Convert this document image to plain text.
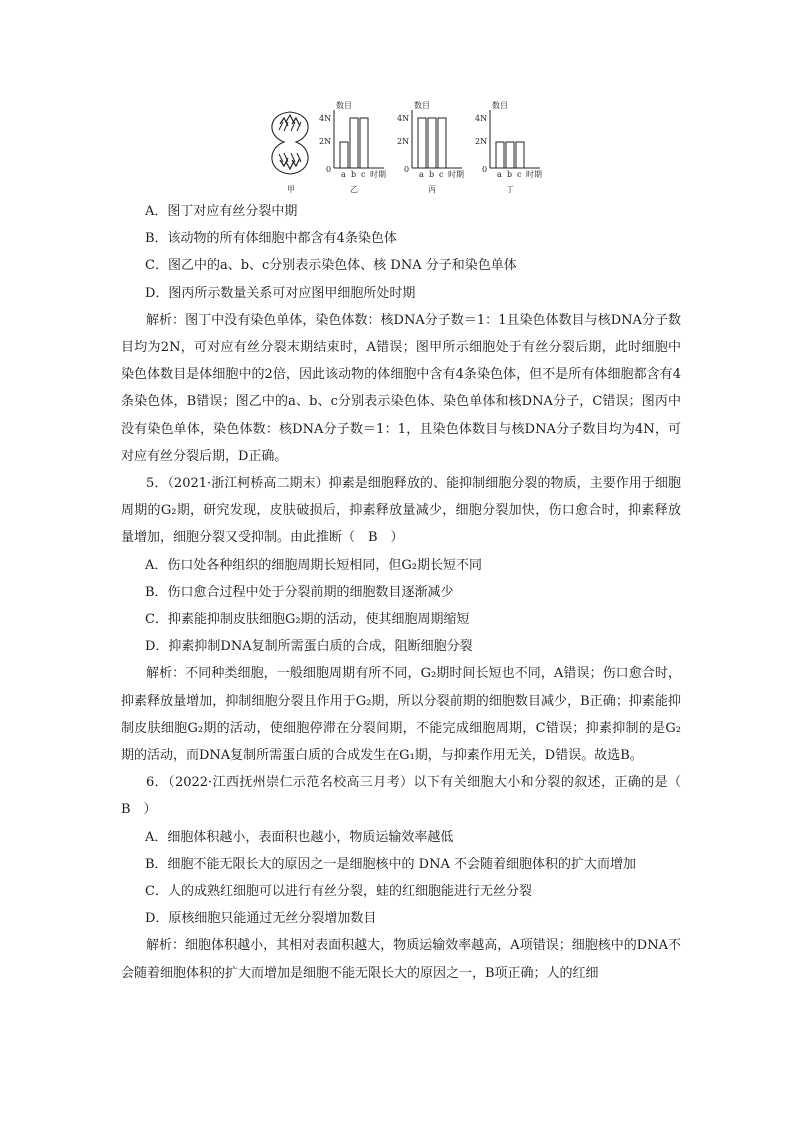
甲
数目
4N
2N
0
a b c 时期
乙
数目
4N
2N
0
a b c 时期
丙
数目
4N
2N
0
a b c 时期
丁

A．图丁对应有丝分裂中期

B．该动物的所有体细胞中都含有4条染色体

C．图乙中的a、b、c分别表示染色体、核 DNA 分子和染色单体

D．图丙所示数量关系可对应图甲细胞所处时期

解析：图丁中没有染色单体，染色体数：核DNA分子数＝1：1且染色体数目与核DNA分子数目均为2N，可对应有丝分裂末期结束时，A错误；图甲所示细胞处于有丝分裂后期，此时细胞中染色体数目是体细胞中的2倍，因此该动物的体细胞中含有4条染色体，但不是所有体细胞都含有4条染色体，B错误；图乙中的a、b、c分别表示染色体、染色单体和核DNA分子，C错误；图丙中没有染色单体，染色体数：核DNA分子数＝1：1，且染色体数目与核DNA分子数目均为4N，可对应有丝分裂后期，D正确。

5．（2021·浙江柯桥高二期末）抑素是细胞释放的、能抑制细胞分裂的物质，主要作用于细胞周期的G₂期，研究发现，皮肤破损后，抑素释放量减少，细胞分裂加快，伤口愈合时，抑素释放量增加，细胞分裂又受抑制。由此推断（　B　）

A．伤口处各种组织的细胞周期长短相同，但G₂期长短不同

B．伤口愈合过程中处于分裂前期的细胞数目逐渐减少

C．抑素能抑制皮肤细胞G₂期的活动，使其细胞周期缩短

D．抑素抑制DNA复制所需蛋白质的合成，阻断细胞分裂

解析：不同种类细胞，一般细胞周期有所不同，G₂期时间长短也不同，A错误；伤口愈合时，抑素释放量增加，抑制细胞分裂且作用于G₂期，所以分裂前期的细胞数目减少，B正确；抑素能抑制皮肤细胞G₂期的活动，使细胞停滞在分裂间期，不能完成细胞周期，C错误；抑素抑制的是G₂期的活动，而DNA复制所需蛋白质的合成发生在G₁期，与抑素作用无关，D错误。故选B。

6．（2022·江西抚州崇仁示范名校高三月考）以下有关细胞大小和分裂的叙述，正确的是（　B　）

A．细胞体积越小，表面积也越小，物质运输效率越低

B．细胞不能无限长大的原因之一是细胞核中的 DNA 不会随着细胞体积的扩大而增加

C．人的成熟红细胞可以进行有丝分裂，蛙的红细胞能进行无丝分裂

D．原核细胞只能通过无丝分裂增加数目

解析：细胞体积越小，其相对表面积越大，物质运输效率越高，A项错误；细胞核中的DNA不会随着细胞体积的扩大而增加是细胞不能无限长大的原因之一，B项正确；人的红细
